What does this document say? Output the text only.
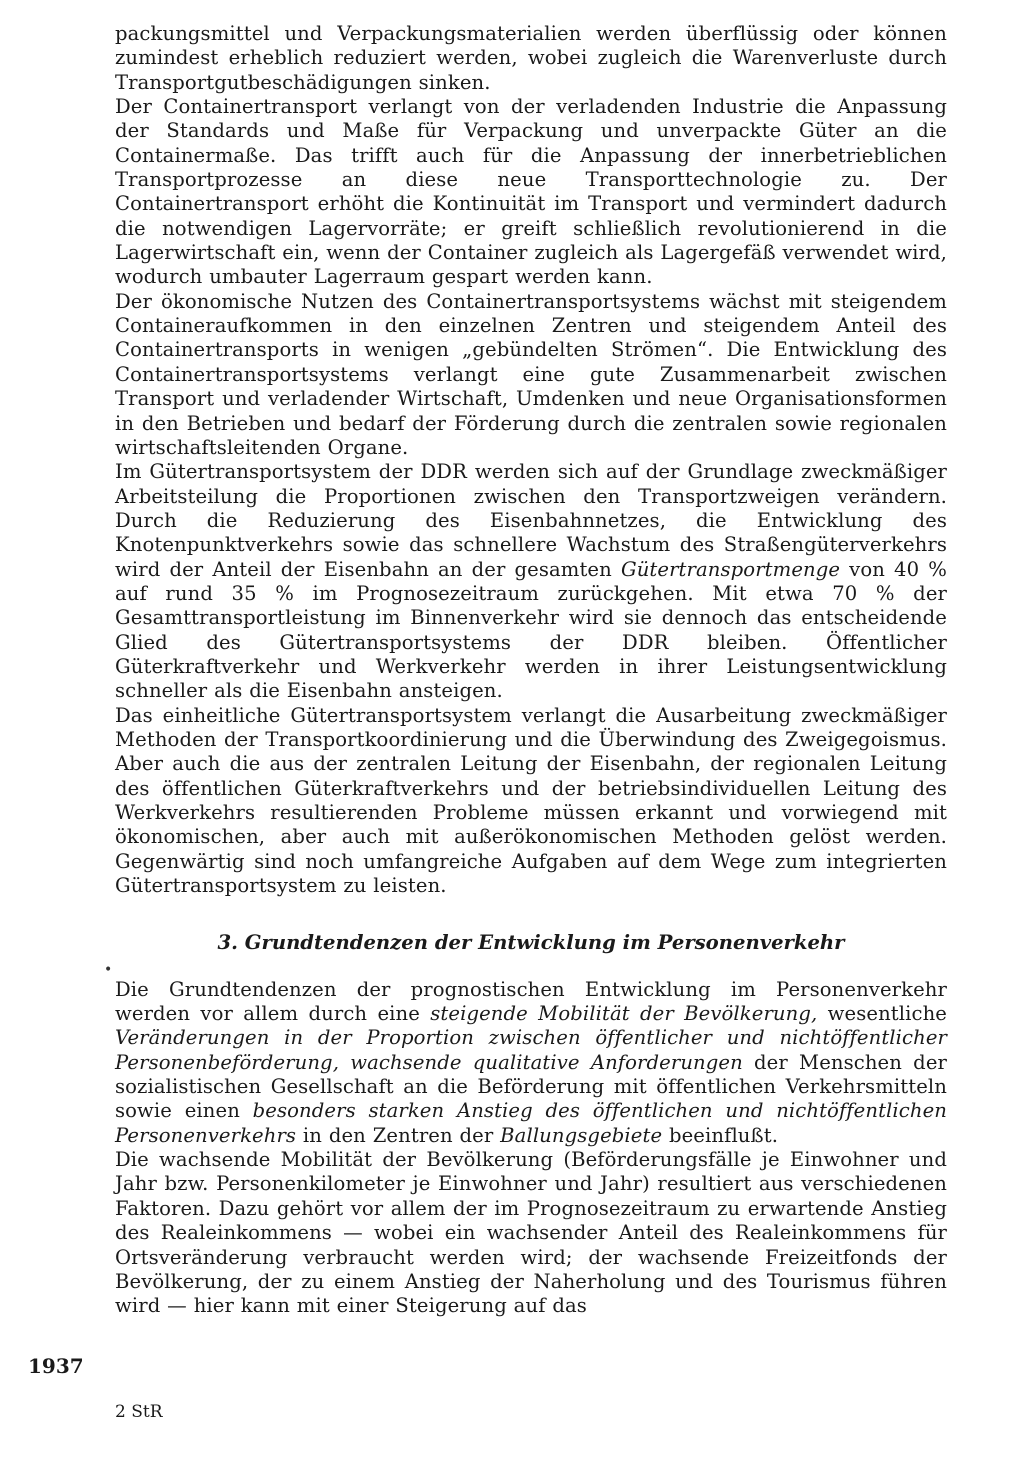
packungsmittel und Verpackungsmaterialien werden überflüssig oder können zumindest erheblich reduziert werden, wobei zugleich die Warenverluste durch Transportgutbeschädigungen sinken.

Der Containertransport verlangt von der verladenden Industrie die Anpassung der Standards und Maße für Verpackung und unverpackte Güter an die Containermaße. Das trifft auch für die Anpassung der innerbetrieblichen Transportprozesse an diese neue Transporttechnologie zu. Der Containertransport erhöht die Kontinuität im Transport und vermindert dadurch die notwendigen Lagervorräte; er greift schließlich revolutionierend in die Lagerwirtschaft ein, wenn der Container zugleich als Lagergefäß verwendet wird, wodurch umbauter Lagerraum gespart werden kann.

Der ökonomische Nutzen des Containertransportsystems wächst mit steigendem Containeraufkommen in den einzelnen Zentren und steigendem Anteil des Containertransports in wenigen „gebündelten Strömen“. Die Entwicklung des Containertransportsystems verlangt eine gute Zusammenarbeit zwischen Transport und verladender Wirtschaft, Umdenken und neue Organisationsformen in den Betrieben und bedarf der Förderung durch die zentralen sowie regionalen wirtschaftsleitenden Organe.

Im Gütertransportsystem der DDR werden sich auf der Grundlage zweckmäßiger Arbeitsteilung die Proportionen zwischen den Transportzweigen verändern. Durch die Reduzierung des Eisenbahnnetzes, die Entwicklung des Knotenpunktverkehrs sowie das schnellere Wachstum des Straßengüterverkehrs wird der Anteil der Eisenbahn an der gesamten Gütertransportmenge von 40 % auf rund 35 % im Prognosezeitraum zurückgehen. Mit etwa 70 % der Gesamttransportleistung im Binnenverkehr wird sie dennoch das entscheidende Glied des Gütertransportsystems der DDR bleiben. Öffentlicher Güterkraftverkehr und Werkverkehr werden in ihrer Leistungsentwicklung schneller als die Eisenbahn ansteigen.

Das einheitliche Gütertransportsystem verlangt die Ausarbeitung zweckmäßiger Methoden der Transportkoordinierung und die Überwindung des Zweigegoismus. Aber auch die aus der zentralen Leitung der Eisenbahn, der regionalen Leitung des öffentlichen Güterkraftverkehrs und der betriebsindividuellen Leitung des Werkverkehrs resultierenden Probleme müssen erkannt und vorwiegend mit ökonomischen, aber auch mit außerökonomischen Methoden gelöst werden. Gegenwärtig sind noch umfangreiche Aufgaben auf dem Wege zum integrierten Gütertransportsystem zu leisten.

3. Grundtendenzen der Entwicklung im Personenverkehr

Die Grundtendenzen der prognostischen Entwicklung im Personenverkehr werden vor allem durch eine steigende Mobilität der Bevölkerung, wesentliche Veränderungen in der Proportion zwischen öffentlicher und nichtöffentlicher Personenbeförderung, wachsende qualitative Anforderungen der Menschen der sozialistischen Gesellschaft an die Beförderung mit öffentlichen Verkehrsmitteln sowie einen besonders starken Anstieg des öffentlichen und nichtöffentlichen Personenverkehrs in den Zentren der Ballungsgebiete beeinflußt.

Die wachsende Mobilität der Bevölkerung (Beförderungsfälle je Einwohner und Jahr bzw. Personenkilometer je Einwohner und Jahr) resultiert aus verschiedenen Faktoren. Dazu gehört vor allem der im Prognosezeitraum zu erwartende Anstieg des Realeinkommens — wobei ein wachsender Anteil des Realeinkommens für Ortsveränderung verbraucht werden wird; der wachsende Freizeitfonds der Bevölkerung, der zu einem Anstieg der Naherholung und des Tourismus führen wird — hier kann mit einer Steigerung auf das

•
1937
2 StR
